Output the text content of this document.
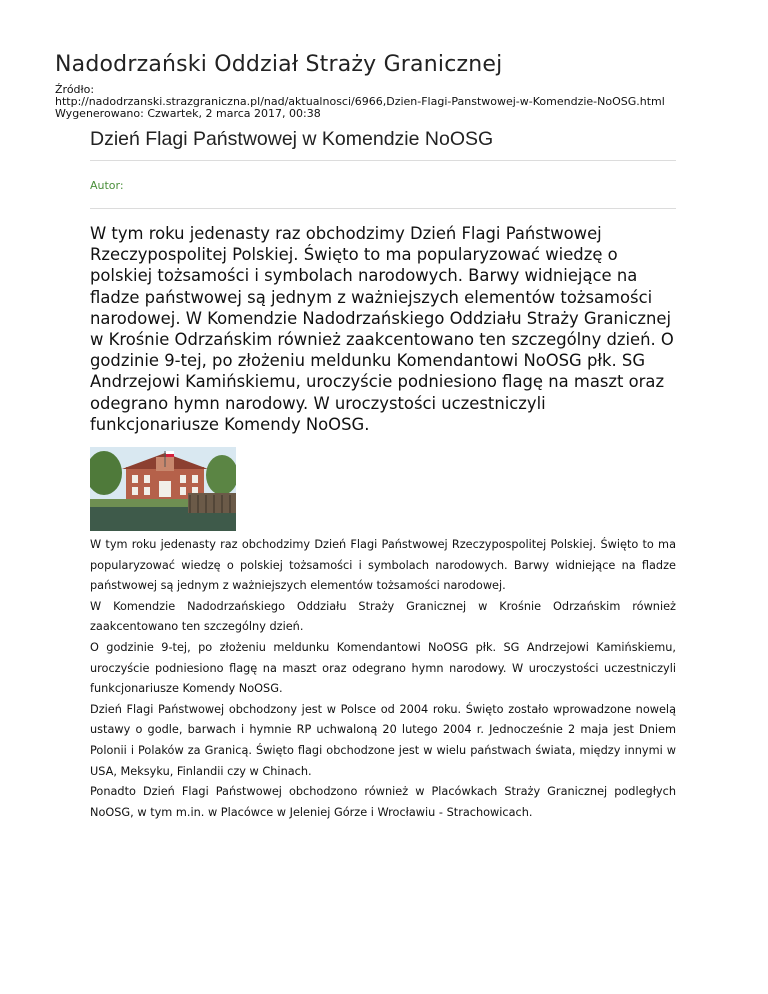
Nadodrzański Oddział Straży Granicznej
Źródło:
http://nadodrzanski.strazgraniczna.pl/nad/aktualnosci/6966,Dzien-Flagi-Panstwowej-w-Komendzie-NoOSG.html
Wygenerowano: Czwartek, 2 marca 2017, 00:38
Dzień Flagi Państwowej w Komendzie NoOSG
Autor:
W tym roku jedenasty raz obchodzimy Dzień Flagi Państwowej Rzeczypospolitej Polskiej. Święto to ma popularyzować wiedzę o polskiej tożsamości i symbolach narodowych. Barwy widniejące na fladze państwowej są jednym z ważniejszych elementów tożsamości narodowej. W Komendzie Nadodrzańskiego Oddziału Straży Granicznej w Krośnie Odrzańskim również zaakcentowano ten szczególny dzień. O godzinie 9-tej, po złożeniu meldunku Komendantowi NoOSG płk. SG Andrzejowi Kamińskiemu, uroczyście podniesiono flagę na maszt oraz odegrano hymn narodowy. W uroczystości uczestniczyli funkcjonariusze Komendy NoOSG.

W tym roku jedenasty raz obchodzimy Dzień Flagi Państwowej Rzeczypospolitej Polskiej. Święto to ma popularyzować wiedzę o polskiej tożsamości i symbolach narodowych. Barwy widniejące na fladze państwowej są jednym z ważniejszych elementów tożsamości narodowej.

W Komendzie Nadodrzańskiego Oddziału Straży Granicznej w Krośnie Odrzańskim również zaakcentowano ten szczególny dzień.

O godzinie 9-tej, po złożeniu meldunku Komendantowi NoOSG płk. SG Andrzejowi Kamińskiemu, uroczyście podniesiono flagę na maszt oraz odegrano hymn narodowy. W uroczystości uczestniczyli funkcjonariusze Komendy NoOSG.

Dzień Flagi Państwowej obchodzony jest w Polsce od 2004 roku. Święto zostało wprowadzone nowelą ustawy o godle, barwach i hymnie RP uchwaloną 20 lutego 2004 r. Jednocześnie 2 maja jest Dniem Polonii i Polaków za Granicą. Święto flagi obchodzone jest w wielu państwach świata, między innymi w USA, Meksyku, Finlandii czy w Chinach.

Ponadto Dzień Flagi Państwowej obchodzono również w Placówkach Straży Granicznej podległych NoOSG, w tym m.in. w Placówce w Jeleniej Górze i Wrocławiu - Strachowicach.
